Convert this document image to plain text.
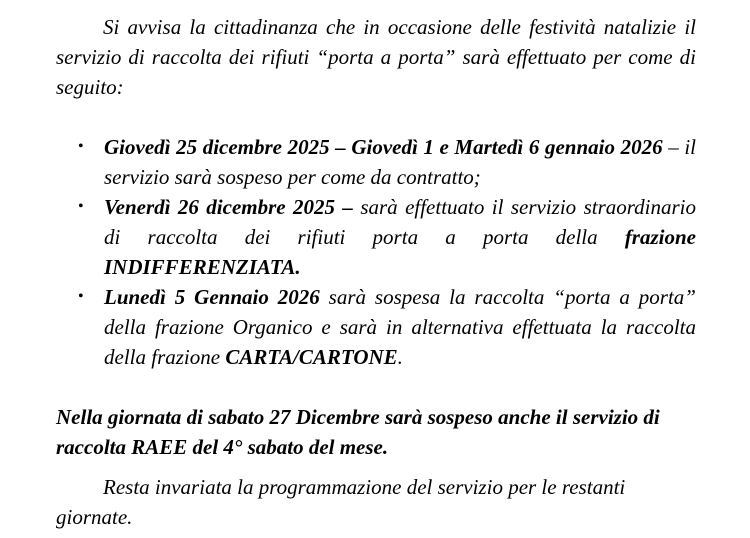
Si avvisa la cittadinanza che in occasione delle festività natalizie il servizio di raccolta dei rifiuti “porta a porta” sarà effettuato per come di seguito:

• Giovedì 25 dicembre 2025 – Giovedì 1 e Martedì 6 gennaio 2026 – il servizio sarà sospeso per come da contratto;
• Venerdì 26 dicembre 2025 – sarà effettuato il servizio straordinario di raccolta dei rifiuti porta a porta della frazione INDIFFERENZIATA.
• Lunedì 5 Gennaio 2026 sarà sospesa la raccolta “porta a porta” della frazione Organico e sarà in alternativa effettuata la raccolta della frazione CARTA/CARTONE.

Nella giornata di sabato 27 Dicembre sarà sospeso anche il servizio di raccolta RAEE del 4° sabato del mese.

Resta invariata la programmazione del servizio per le restanti giornate.
